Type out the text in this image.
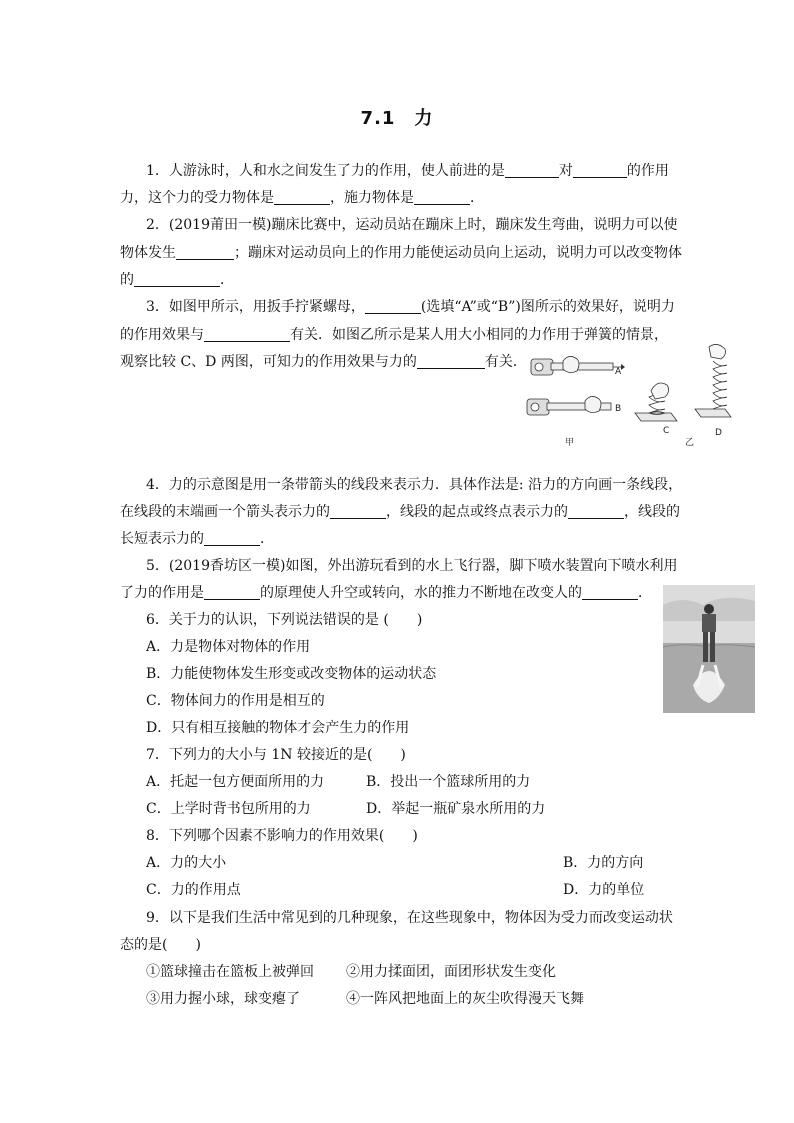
7.1　力
1．人游泳时，人和水之间发生了力的作用，使人前进的是	对	的作用
力，这个力的受力物体是	，施力物体是	．
2．(2019莆田一模)蹦床比赛中，运动员站在蹦床上时，蹦床发生弯曲，说明力可以使
物体发生	；蹦床对运动员向上的作用力能使运动员向上运动，说明力可以改变物体
的	．
3．如图甲所示，用扳手拧紧螺母，	(选填“A”或“B”)图所示的效果好，说明力
的作用效果与	有关．如图乙所示是某人用大小相同的力作用于弹簧的情景，
观察比较 C、D 两图，可知力的作用效果与力的	有关．
A
B
甲
C
乙
D
4．力的示意图是用一条带箭头的线段来表示力．具体作法是: 沿力的方向画一条线段，
在线段的末端画一个箭头表示力的	，线段的起点或终点表示力的	，线段的
长短表示力的	．
5．(2019香坊区一模)如图，外出游玩看到的水上飞行器，脚下喷水装置向下喷水利用
了力的作用是	的原理使人升空或转向，水的推力不断地在改变人的	．
6．关于力的认识，下列说法错误的是 (　　)
A．力是物体对物体的作用
B．力能使物体发生形变或改变物体的运动状态
C．物体间力的作用是相互的
D．只有相互接触的物体才会产生力的作用
7．下列力的大小与 1N 较接近的是(　　)
A．托起一包方便面所用的力	B．投出一个篮球所用的力
C．上学时背书包所用的力	D．举起一瓶矿泉水所用的力
8．下列哪个因素不影响力的作用效果(　　)
A．力的大小	B．力的方向
C．力的作用点	D．力的单位
9．以下是我们生活中常见到的几种现象，在这些现象中，物体因为受力而改变运动状
态的是(　　)
①篮球撞击在篮板上被弹回 ②用力揉面团，面团形状发生变化
③用力握小球，球变瘪了	④一阵风把地面上的灰尘吹得漫天飞舞
